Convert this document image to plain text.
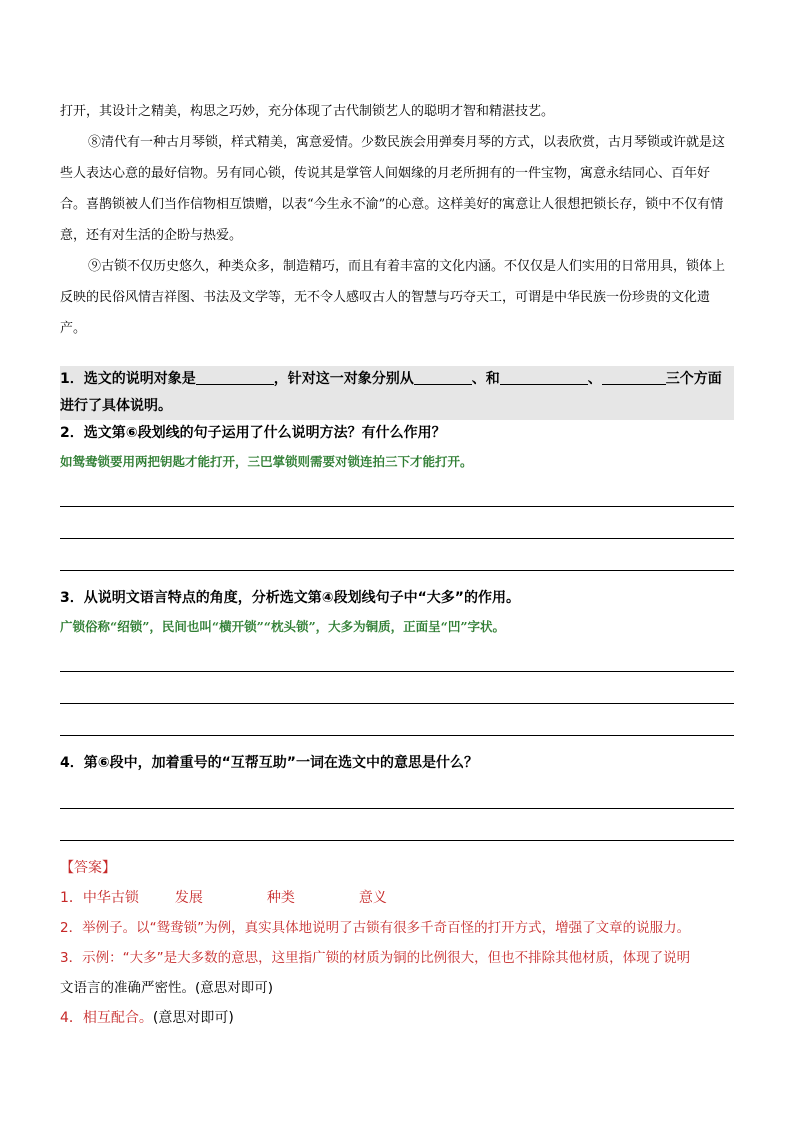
打开，其设计之精美，构思之巧妙，充分体现了古代制锁艺人的聪明才智和精湛技艺。

⑧清代有一种古月琴锁，样式精美，寓意爱情。少数民族会用弹奏月琴的方式，以表欣赏，古月琴锁或许就是这些人表达心意的最好信物。另有同心锁，传说其是掌管人间姻缘的月老所拥有的一件宝物，寓意永结同心、百年好合。喜鹊锁被人们当作信物相互馈赠，以表“今生永不渝”的心意。这样美好的寓意让人很想把锁长存，锁中不仅有情意，还有对生活的企盼与热爱。

⑨古锁不仅历史悠久，种类众多，制造精巧，而且有着丰富的文化内涵。不仅仅是人们实用的日常用具，锁体上反映的民俗风情吉祥图、书法及文学等，无不令人感叹古人的智慧与巧夺天工，可谓是中华民族一份珍贵的文化遗产。

1．选文的说明对象是	，针对这一对象分别从	、和	、	三个方面进行了具体说明。

2．选文第⑥段划线的句子运用了什么说明方法？有什么作用？

如鸳鸯锁要用两把钥匙才能打开，三巴掌锁则需要对锁连拍三下才能打开。

3．从说明文语言特点的角度，分析选文第④段划线句子中“大多”的作用。

广锁俗称“绍锁”，民间也叫“横开锁”“枕头锁”，大多为铜质，正面呈“凹”字状。

4．第⑥段中，加着重号的“互帮互助”一词在选文中的意思是什么？

【答案】

1．中华古锁	发展	种类	意义

2．举例子。以“鸳鸯锁”为例，真实具体地说明了古锁有很多千奇百怪的打开方式，增强了文章的说服力。

3．示例：“大多”是大多数的意思，这里指广锁的材质为铜的比例很大，但也不排除其他材质，体现了说明
文语言的准确严密性。(意思对即可)

4．相互配合。(意思对即可)
